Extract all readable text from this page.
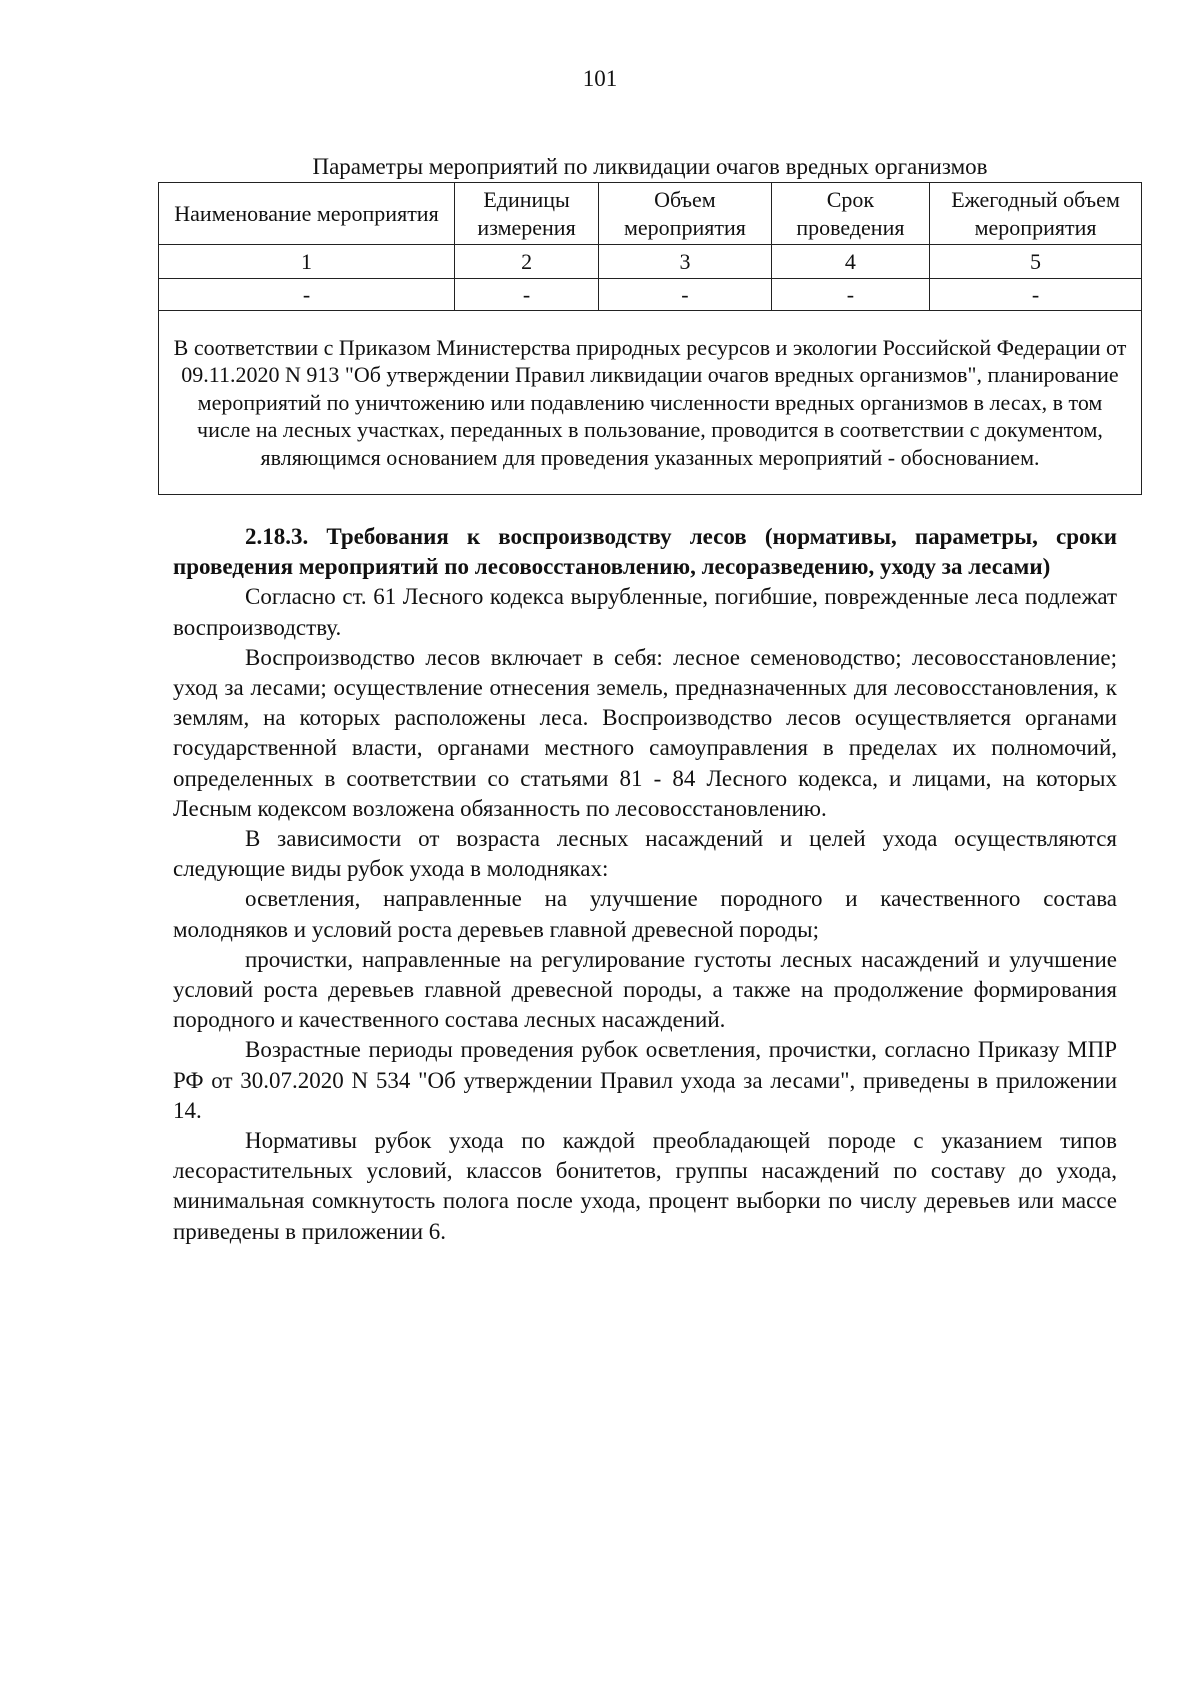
101
Параметры мероприятий по ликвидации очагов вредных организмов
Наименование мероприятия	Единицы измерения	Объем мероприятия	Срок проведения	Ежегодный объем мероприятия
1	2	3	4	5
-	-	-	-	-
В соответствии с Приказом Министерства природных ресурсов и экологии Российской Федерации от 09.11.2020 N 913 "Об утверждении Правил ликвидации очагов вредных организмов", планирование мероприятий по уничтожению или подавлению численности вредных организмов в лесах, в том числе на лесных участках, переданных в пользование, проводится в соответствии с документом, являющимся основанием для проведения указанных мероприятий - обоснованием.				
2.18.3. Требования к воспроизводству лесов (нормативы, параметры, сроки проведения мероприятий по лесовосстановлению, лесоразведению, уходу за лесами)

Согласно ст. 61 Лесного кодекса вырубленные, погибшие, поврежденные леса подлежат воспроизводству.

Воспроизводство лесов включает в себя: лесное семеноводство; лесовосстановление; уход за лесами; осуществление отнесения земель, предназначенных для лесовосстановления, к землям, на которых расположены леса. Воспроизводство лесов осуществляется органами государственной власти, органами местного самоуправления в пределах их полномочий, определенных в соответствии со статьями 81 - 84 Лесного кодекса, и лицами, на которых Лесным кодексом возложена обязанность по лесовосстановлению.

В зависимости от возраста лесных насаждений и целей ухода осуществляются следующие виды рубок ухода в молодняках:

осветления, направленные на улучшение породного и качественного состава молодняков и условий роста деревьев главной древесной породы;

прочистки, направленные на регулирование густоты лесных насаждений и улучшение условий роста деревьев главной древесной породы, а также на продолжение формирования породного и качественного состава лесных насаждений.

Возрастные периоды проведения рубок осветления, прочистки, согласно Приказу МПР РФ от 30.07.2020 N 534 "Об утверждении Правил ухода за лесами", приведены в приложении 14.

Нормативы рубок ухода по каждой преобладающей породе с указанием типов лесорастительных условий, классов бонитетов, группы насаждений по составу до ухода, минимальная сомкнутость полога после ухода, процент выборки по числу деревьев или массе приведены в приложении 6.
